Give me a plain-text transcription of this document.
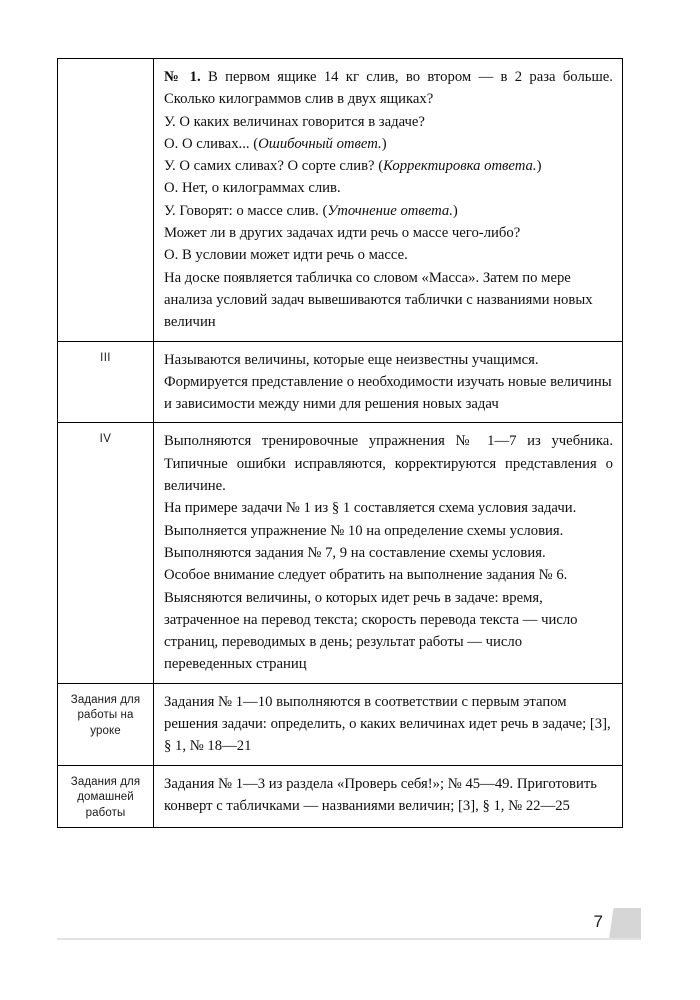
№ 1. В первом ящике 14 кг слив, во втором — в 2 раза больше. Сколько килограммов слив в двух ящиках?

У. О каких величинах говорится в задаче?

О. О сливах... (Ошибочный ответ.)

У. О самих сливах? О сорте слив? (Корректировка ответа.)

О. Нет, о килограммах слив.

У. Говорят: о массе слив. (Уточнение ответа.)

Может ли в других задачах идти речь о массе чего-либо?

О. В условии может идти речь о массе.

На доске появляется табличка со словом «Масса». Затем по мере анализа условий задач вывешиваются таблички с названиями новых величин

III	Называются величины, которые еще неизвестны учащимся. Формируется представление о необходимости изучать новые величины и зависимости между ними для решения новых задач

IV	Выполняются тренировочные упражнения № 1—7 из учебника. Типичные ошибки исправляются, корректируются представления о величине.

На примере задачи № 1 из § 1 составляется схема условия задачи.

Выполняется упражнение № 10 на определение схемы условия.

Выполняются задания № 7, 9 на составление схемы условия.

Особое внимание следует обратить на выполнение задания № 6. Выясняются величины, о которых идет речь в задаче: время, затраченное на перевод текста; скорость перевода текста — число страниц, переводимых в день; результат работы — число переведенных страниц

Задания для работы на уроке	Задания № 1—10 выполняются в соответствии с первым этапом решения задачи: определить, о каких величинах идет речь в задаче; [3], § 1, № 18—21

Задания для домашней работы	Задания № 1—3 из раздела «Проверь себя!»; № 45—49. Приготовить конверт с табличками — названиями величин; [3], § 1, № 22—25

7
